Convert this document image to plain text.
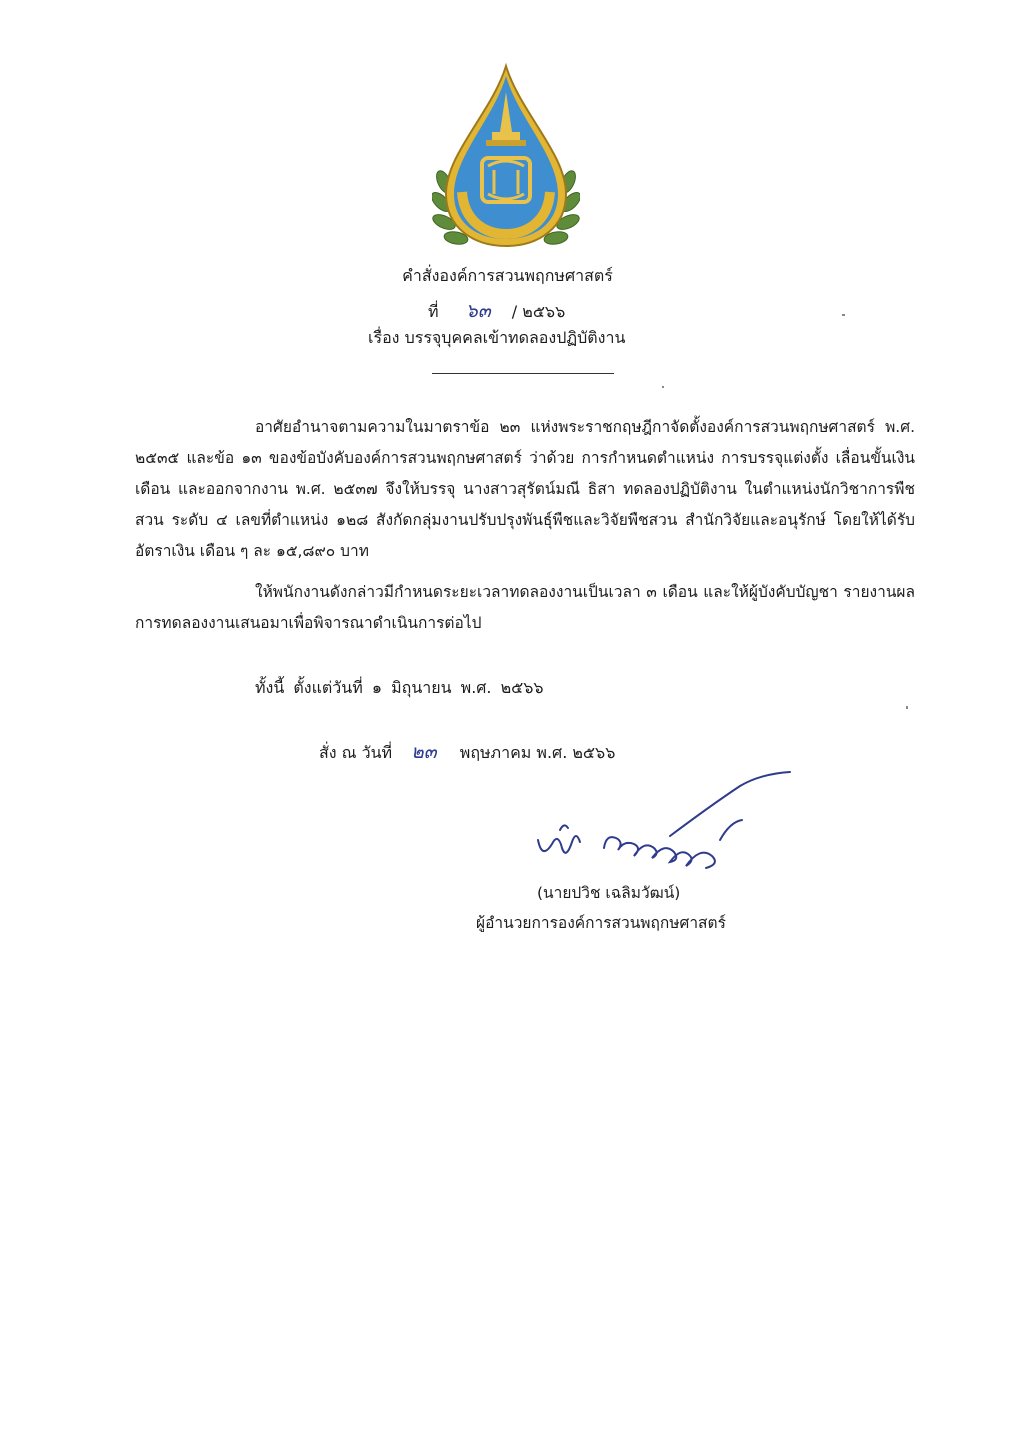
คำสั่งองค์การสวนพฤกษศาสตร์
ที่ ๖๓ / ๒๕๖๖
เรื่อง บรรจุบุคคลเข้าทดลองปฏิบัติงาน
อาศัยอำนาจตามความในมาตราข้อ ๒๓ แห่งพระราชกฤษฎีกาจัดตั้งองค์การสวนพฤกษศาสตร์ พ.ศ. ๒๕๓๕ และข้อ ๑๓ ของข้อบังคับองค์การสวนพฤกษศาสตร์ ว่าด้วย การกำหนดตำแหน่ง การบรรจุแต่งตั้ง เลื่อนขั้นเงินเดือน และออกจากงาน พ.ศ. ๒๕๓๗ จึงให้บรรจุ นางสาวสุรัตน์มณี ธิสา ทดลองปฏิบัติงาน ในตำแหน่งนักวิชาการพืชสวน ระดับ ๔ เลขที่ตำแหน่ง ๑๒๘ สังกัดกลุ่มงานปรับปรุงพันธุ์พืชและวิจัยพืชสวน สำนักวิจัยและอนุรักษ์ โดยให้ได้รับอัตราเงิน เดือน ๆ ละ ๑๕,๘๙๐ บาท
ให้พนักงานดังกล่าวมีกำหนดระยะเวลาทดลองงานเป็นเวลา ๓ เดือน และให้ผู้บังคับบัญชา รายงานผลการทดลองงานเสนอมาเพื่อพิจารณาดำเนินการต่อไป
ทั้งนี้ ตั้งแต่วันที่ ๑ มิถุนายน พ.ศ. ๒๕๖๖
สั่ง ณ วันที่ ๒๓ พฤษภาคม พ.ศ. ๒๕๖๖
(นายปวิช เฉลิมวัฒน์)
ผู้อำนวยการองค์การสวนพฤกษศาสตร์
